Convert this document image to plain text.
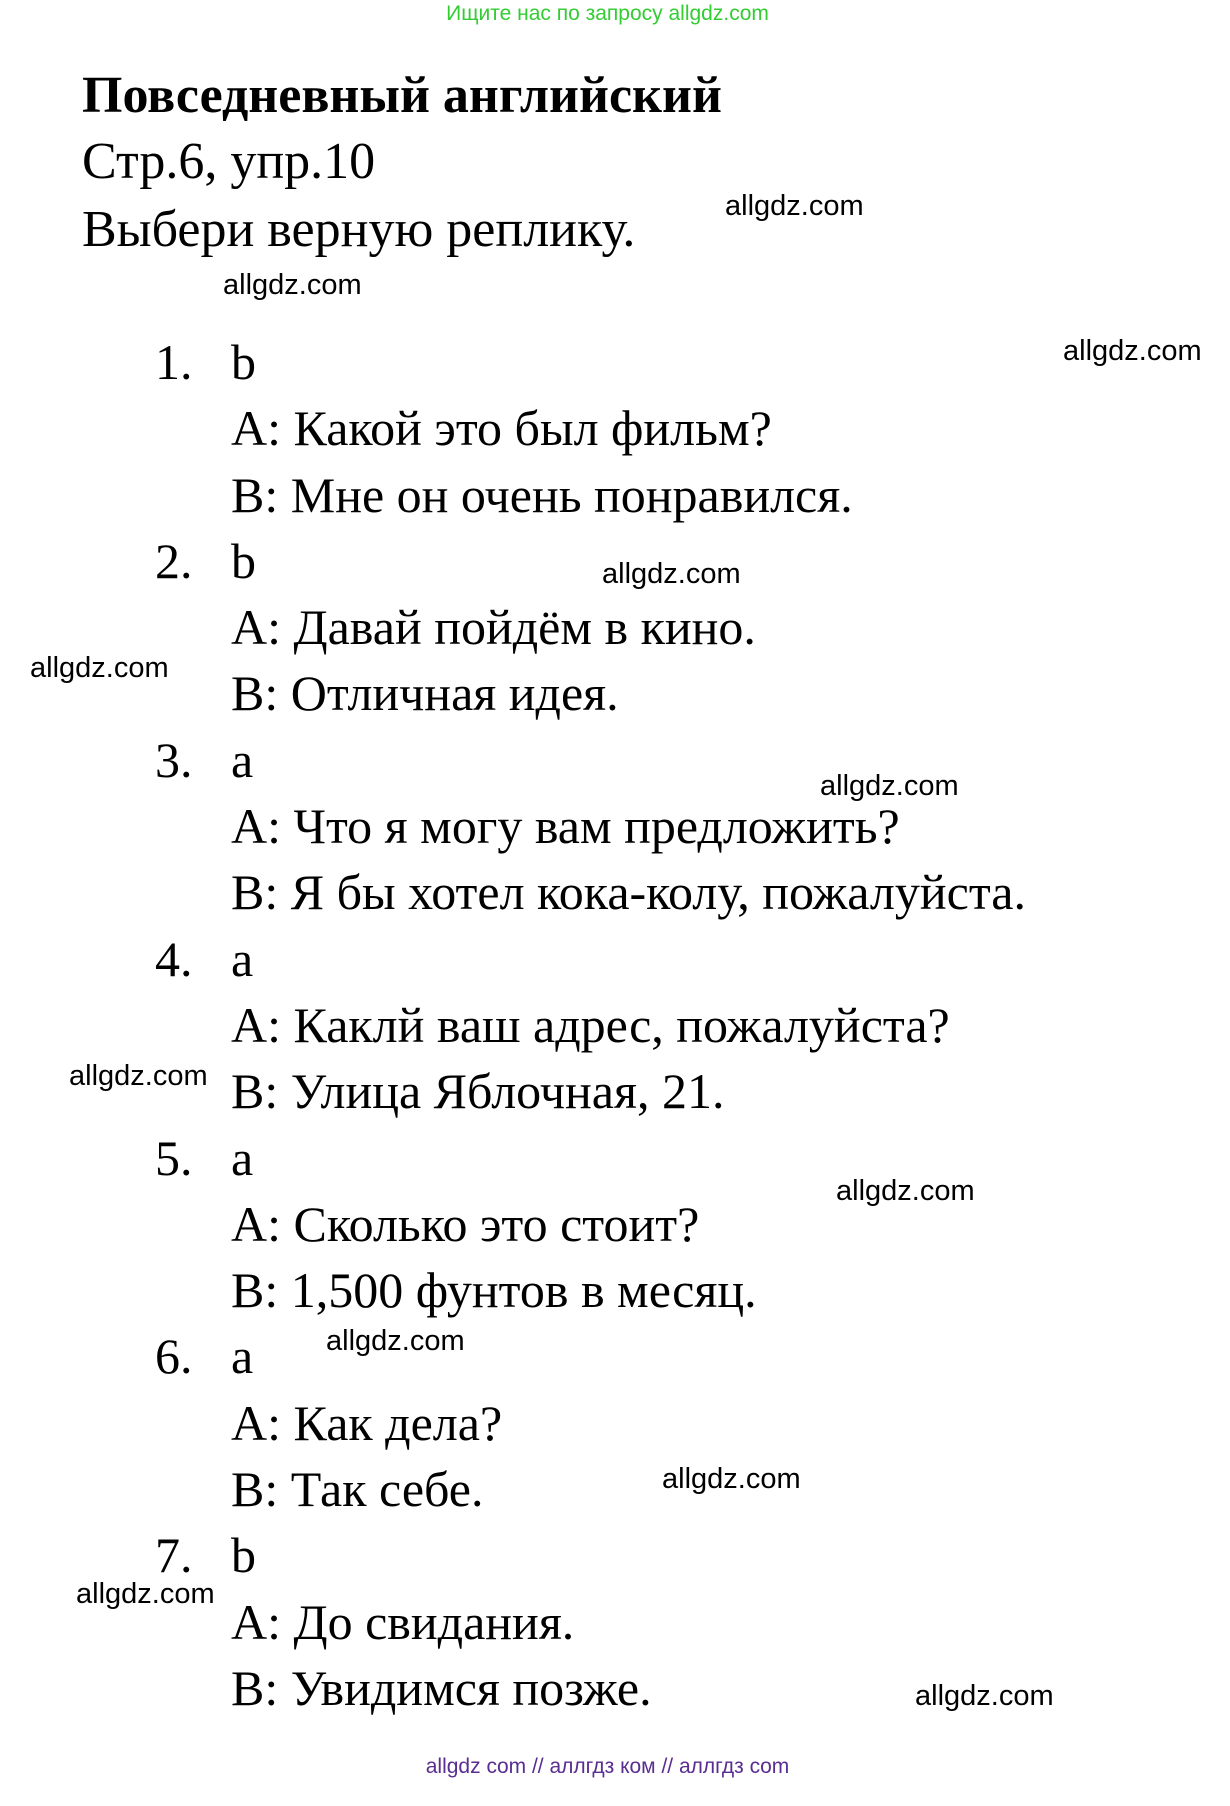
Ищите нас по запросу allgdz.com
Повседневный английский
Стр.6, упр.10
Выбери верную реплику.
1. b
A: Какой это был фильм?
B: Мне он очень понравился.
2. b
A: Давай пойдём в кино.
B: Отличная идея.
3. a
A: Что я могу вам предложить?
B: Я бы хотел кока-колу, пожалуйста.
4. a
A: Каклй ваш адрес, пожалуйста?
B: Улица Яблочная, 21.
5. a
A: Сколько это стоит?
B: 1,500 фунтов в месяц.
6. a
A: Как дела?
B: Так себе.
7. b
A: До свидания.
B: Увидимся позже.
allgdz.com
allgdz.com
allgdz.com
allgdz.com
allgdz.com
allgdz.com
allgdz.com
allgdz.com
allgdz.com
allgdz.com
allgdz.com
allgdz.com
allgdz com // аллгдз ком // аллгдз com
